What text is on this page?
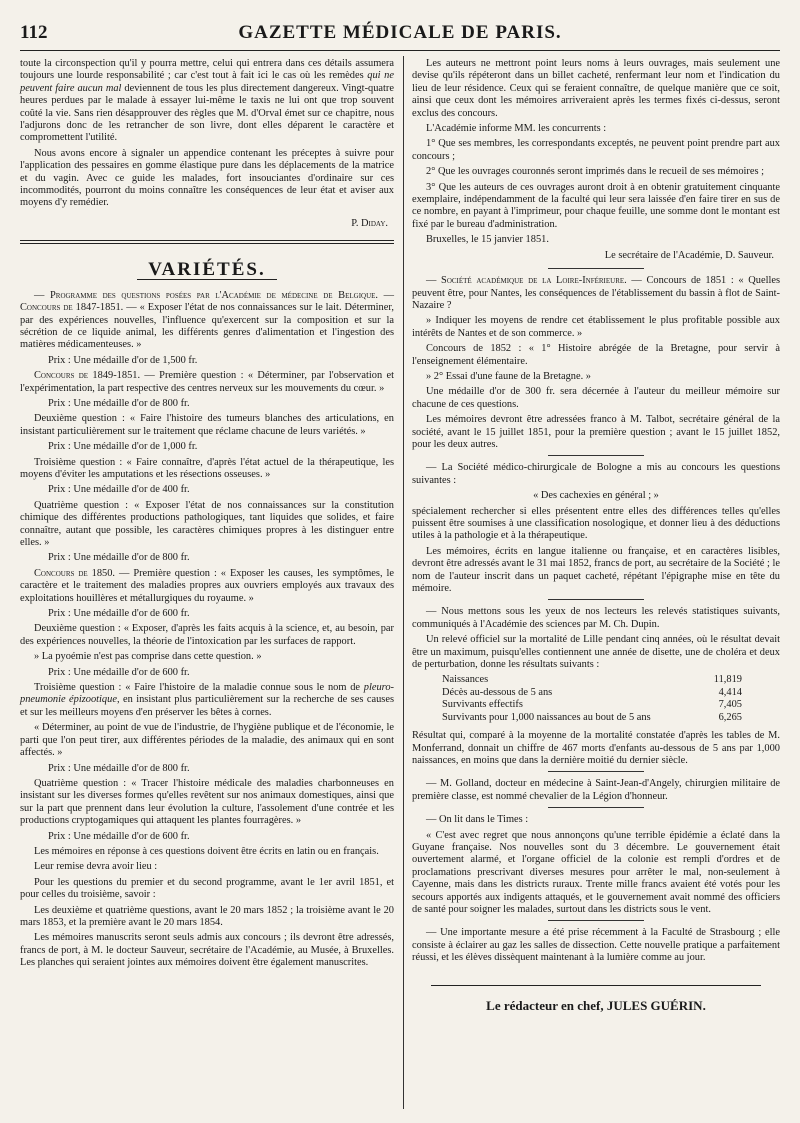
112	GAZETTE MÉDICALE DE PARIS.

toute la circonspection qu'il y pourra mettre, celui qui entrera dans ces détails assumera toujours une lourde responsabilité ; car c'est tout à fait ici le cas où les remèdes qui ne peuvent faire aucun mal deviennent de tous les plus directement dangereux. Vingt-quatre heures perdues par le malade à essayer lui-même le taxis ne lui ont que trop souvent coûté la vie. Sans rien désapprouver des règles que M. d'Orval émet sur ce chapitre, nous l'adjurons donc de les retrancher de son livre, dont elles déparent le caractère et compromettent l'utilité.

Nous avons encore à signaler un appendice contenant les préceptes à suivre pour l'application des pessaires en gomme élastique pure dans les déplacements de la matrice et du vagin. Avec ce guide les malades, fort insouciantes d'ordinaire sur ces incommodités, pourront du moins connaître les conséquences de leur état et aviser aux moyens d'y remédier.

P. Diday.
VARIÉTÉS.

— Programme des questions posées par l'Académie de médecine de Belgique. — Concours de 1847-1851. — « Exposer l'état de nos connaissances sur le lait. Déterminer, par des expériences nouvelles, l'influence qu'exercent sur la composition et sur la sécrétion de ce liquide animal, les différents genres d'alimentation et l'ingestion des matières médicamenteuses. »

Prix : Une médaille d'or de 1,500 fr.

Concours de 1849-1851. — Première question : « Déterminer, par l'observation et l'expérimentation, la part respective des centres nerveux sur les mouvements du cœur. »

Prix : Une médaille d'or de 800 fr.

Deuxième question : « Faire l'histoire des tumeurs blanches des articulations, en insistant particulièrement sur le traitement que réclame chacune de leurs variétés. »

Prix : Une médaille d'or de 1,000 fr.

Troisième question : « Faire connaître, d'après l'état actuel de la thérapeutique, les moyens d'éviter les amputations et les résections osseuses. »

Prix : Une médaille d'or de 400 fr.

Quatrième question : « Exposer l'état de nos connaissances sur la constitution chimique des différentes productions pathologiques, tant liquides que solides, et faire connaître, autant que possible, les caractères chimiques propres à les distinguer entre elles. »

Prix : Une médaille d'or de 800 fr.

Concours de 1850. — Première question : « Exposer les causes, les symptômes, le caractère et le traitement des maladies propres aux ouvriers employés aux travaux des exploitations houillères et métallurgiques du royaume. »

Prix : Une médaille d'or de 600 fr.

Deuxième question : « Exposer, d'après les faits acquis à la science, et, au besoin, par des expériences nouvelles, la théorie de l'intoxication par les surfaces de rapport.

» La pyoémie n'est pas comprise dans cette question. »

Prix : Une médaille d'or de 600 fr.

Troisième question : « Faire l'histoire de la maladie connue sous le nom de pleuro-pneumonie épizootique, en insistant plus particulièrement sur la recherche de ses causes et sur les meilleurs moyens d'en préserver les bêtes à cornes.

« Déterminer, au point de vue de l'industrie, de l'hygiène publique et de l'économie, le parti que l'on peut tirer, aux différentes périodes de la maladie, des animaux qui en sont affectés. »

Prix : Une médaille d'or de 800 fr.

Quatrième question : « Tracer l'histoire médicale des maladies charbonneuses en insistant sur les diverses formes qu'elles revêtent sur nos animaux domestiques, ainsi que sur la part que prennent dans leur évolution la culture, l'assolement d'une contrée et les productions cryptogamiques qui attaquent les plantes fourragères. »

Prix : Une médaille d'or de 600 fr.

Les mémoires en réponse à ces questions doivent être écrits en latin ou en français.

Leur remise devra avoir lieu :

Pour les questions du premier et du second programme, avant le 1er avril 1851, et pour celles du troisième, savoir :

Les deuxième et quatrième questions, avant le 20 mars 1852 ; la troisième avant le 20 mars 1853, et la première avant le 20 mars 1854.

Les mémoires manuscrits seront seuls admis aux concours ; ils devront être adressés, francs de port, à M. le docteur Sauveur, secrétaire de l'Académie, au Musée, à Bruxelles. Les planches qui seraient jointes aux mémoires doivent être également manuscrites.

Les auteurs ne mettront point leurs noms à leurs ouvrages, mais seulement une devise qu'ils répéteront dans un billet cacheté, renfermant leur nom et l'indication du lieu de leur résidence. Ceux qui se feraient connaître, de quelque manière que ce soit, ainsi que ceux dont les mémoires arriveraient après les termes fixés ci-dessus, seront exclus des concours.

L'Académie informe MM. les concurrents :

1° Que ses membres, les correspondants exceptés, ne peuvent point prendre part aux concours ;

2° Que les ouvrages couronnés seront imprimés dans le recueil de ses mémoires ;

3° Que les auteurs de ces ouvrages auront droit à en obtenir gratuitement cinquante exemplaire, indépendamment de la faculté qui leur sera laissée d'en faire tirer en sus de ce nombre, en payant à l'imprimeur, pour chaque feuille, une somme dont le montant est fixé par le bureau d'administration.

Bruxelles, le 15 janvier 1851.

Le secrétaire de l'Académie, D. Sauveur.

— Société académique de la Loire-Inférieure. — Concours de 1851 : « Quelles peuvent être, pour Nantes, les conséquences de l'établissement du bassin à flot de Saint-Nazaire ?

» Indiquer les moyens de rendre cet établissement le plus profitable possible aux intérêts de Nantes et de son commerce. »

Concours de 1852 : « 1° Histoire abrégée de la Bretagne, pour servir à l'enseignement élémentaire.

» 2° Essai d'une faune de la Bretagne. »

Une médaille d'or de 300 fr. sera décernée à l'auteur du meilleur mémoire sur chacune de ces questions.

Les mémoires devront être adressées franco à M. Talbot, secrétaire général de la société, avant le 15 juillet 1851, pour la première question ; avant le 15 juillet 1852, pour les deux autres.

— La Société médico-chirurgicale de Bologne a mis au concours les questions suivantes :

« Des cachexies en général ; »

spécialement rechercher si elles présentent entre elles des différences telles qu'elles puissent être soumises à une classification nosologique, et donner lieu à des déductions utiles à la pathologie et à la thérapeutique.

Les mémoires, écrits en langue italienne ou française, et en caractères lisibles, devront être adressés avant le 31 mai 1852, francs de port, au secrétaire de la Société ; le nom de l'auteur inscrit dans un paquet cacheté, répétant l'épigraphe mise en tête du mémoire.

— Nous mettons sous les yeux de nos lecteurs les relevés statistiques suivants, communiqués à l'Académie des sciences par M. Ch. Dupin.

Un relevé officiel sur la mortalité de Lille pendant cinq années, où le résultat devait être un maximum, puisqu'elles contiennent une année de disette, une de choléra et deux de perturbation, donne les résultats suivants :

Naissances	11,819
Décès au-dessous de 5 ans	4,414
Survivants effectifs	7,405
Survivants pour 1,000 naissances au bout de 5 ans	6,265

Résultat qui, comparé à la moyenne de la mortalité constatée d'après les tables de M. Monferrand, donnait un chiffre de 467 morts d'enfants au-dessous de 5 ans par 1,000 naissances, en moins que dans la dernière moitié du dernier siècle.

— M. Golland, docteur en médecine à Saint-Jean-d'Angely, chirurgien militaire de première classe, est nommé chevalier de la Légion d'honneur.

— On lit dans le Times :

« C'est avec regret que nous annonçons qu'une terrible épidémie a éclaté dans la Guyane française. Nos nouvelles sont du 3 décembre. Le gouvernement était ouvertement alarmé, et l'organe officiel de la colonie est rempli d'ordres et de proclamations prescrivant diverses mesures pour arrêter le mal, non-seulement à Cayenne, mais dans les districts ruraux. Trente mille francs avaient été votés pour les secours apportés aux indigents attaqués, et le gouvernement avait nommé des officiers de santé pour soigner les malades, surtout dans les districts sous le vent.

— Une importante mesure a été prise récemment à la Faculté de Strasbourg ; elle consiste à éclairer au gaz les salles de dissection. Cette nouvelle pratique a parfaitement réussi, et les élèves dissèquent maintenant à la lumière comme au jour.

Le rédacteur en chef, JULES GUÉRIN.
